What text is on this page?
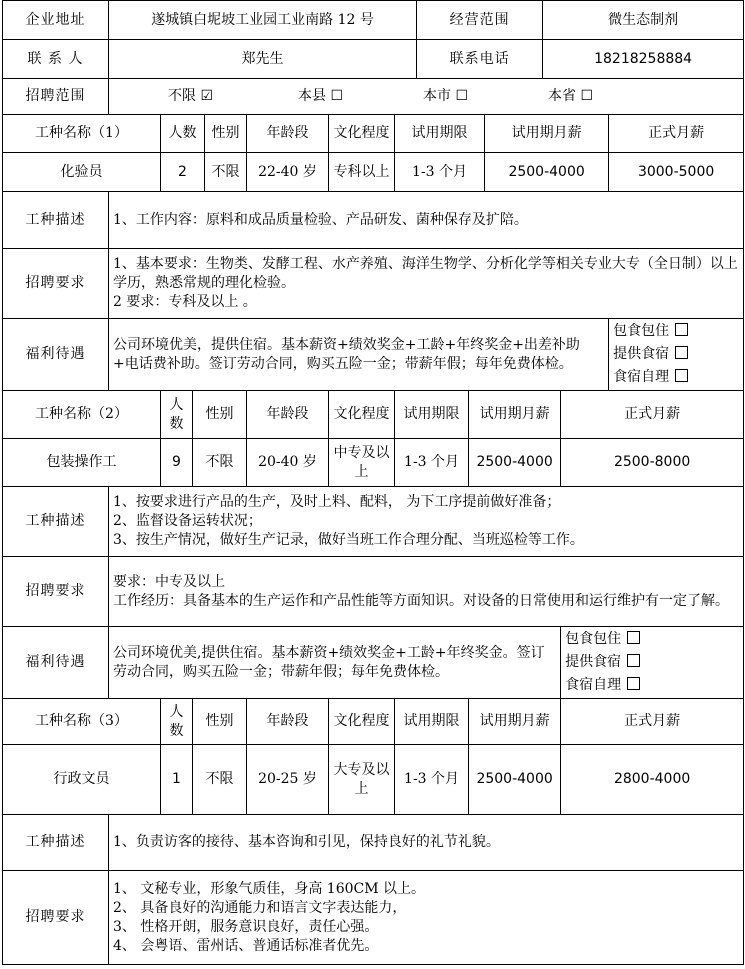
企业地址	遂城镇白坭坡工业园工业南路 12 号							经营范围			微生态制剂		
联 系 人	郑先生							联系电话			18218258884		
招聘范围	不限 ☑ 本县 ☐ 本市 ☐ 本省 ☐												
工种名称（1）		人数		性别	年龄段	文化程度	试用期限			试用期月薪			正式月薪
化验员		2		不限	22-40 岁	专科以上	1-3 个月			2500-4000			3000-5000
工种描述	1、工作内容：原料和成品质量检验、产品研发、菌种保存及扩陪。												

招聘要求	1、基本要求：生物类、发酵工程、水产养殖、海洋生物学、分析化学等相关专业大专（全日制）以上学历，熟悉常规的理化检验。
2 要求：专科及以上 。												

福利待遇	公司环境优美，提供住宿。基本薪资+绩效奖金+工龄+年终奖金+出差补助+电话费补助。签订劳动合同，购买五险一金；带薪年假；每年免费体检。												包食包住
提供食宿
食宿自理

工种名称（2）		人数	性别		年龄段	文化程度	试用期限		试用期月薪			正式月薪	
包装操作工		9	不限		20-40 岁	中专及以上	1-3 个月		2500-4000			2500-8000	
工种描述	1、按要求进行产品的生产，及时上料、配料， 为下工序提前做好准备；
2、监督设备运转状况；
3、按生产情况，做好生产记录，做好当班工作合理分配、当班巡检等工作。												

招聘要求	要求：中专及以上
工作经历：具备基本的生产运作和产品性能等方面知识。对设备的日常使用和运行维护有一定了解。												

福利待遇	公司环境优美,提供住宿。基本薪资+绩效奖金+工龄+年终奖金。签订劳动合同，购买五险一金；带薪年假；每年免费体检。											包食包住
提供食宿
食宿自理	

工种名称（3）		人数	性别		年龄段	文化程度	试用期限		试用期月薪			正式月薪	
行政文员		1	不限		20-25 岁	大专及以上	1-3 个月		2500-4000			2800-4000	
工种描述	1、负责访客的接待、基本咨询和引见，保持良好的礼节礼貌。												

招聘要求	1、 文秘专业，形象气质佳，身高 160CM 以上。
2、 具备良好的沟通能力和语言文字表达能力，
3、 性格开朗，服务意识良好，责任心强。
4、 会粤语、雷州话、普通话标准者优先。												
